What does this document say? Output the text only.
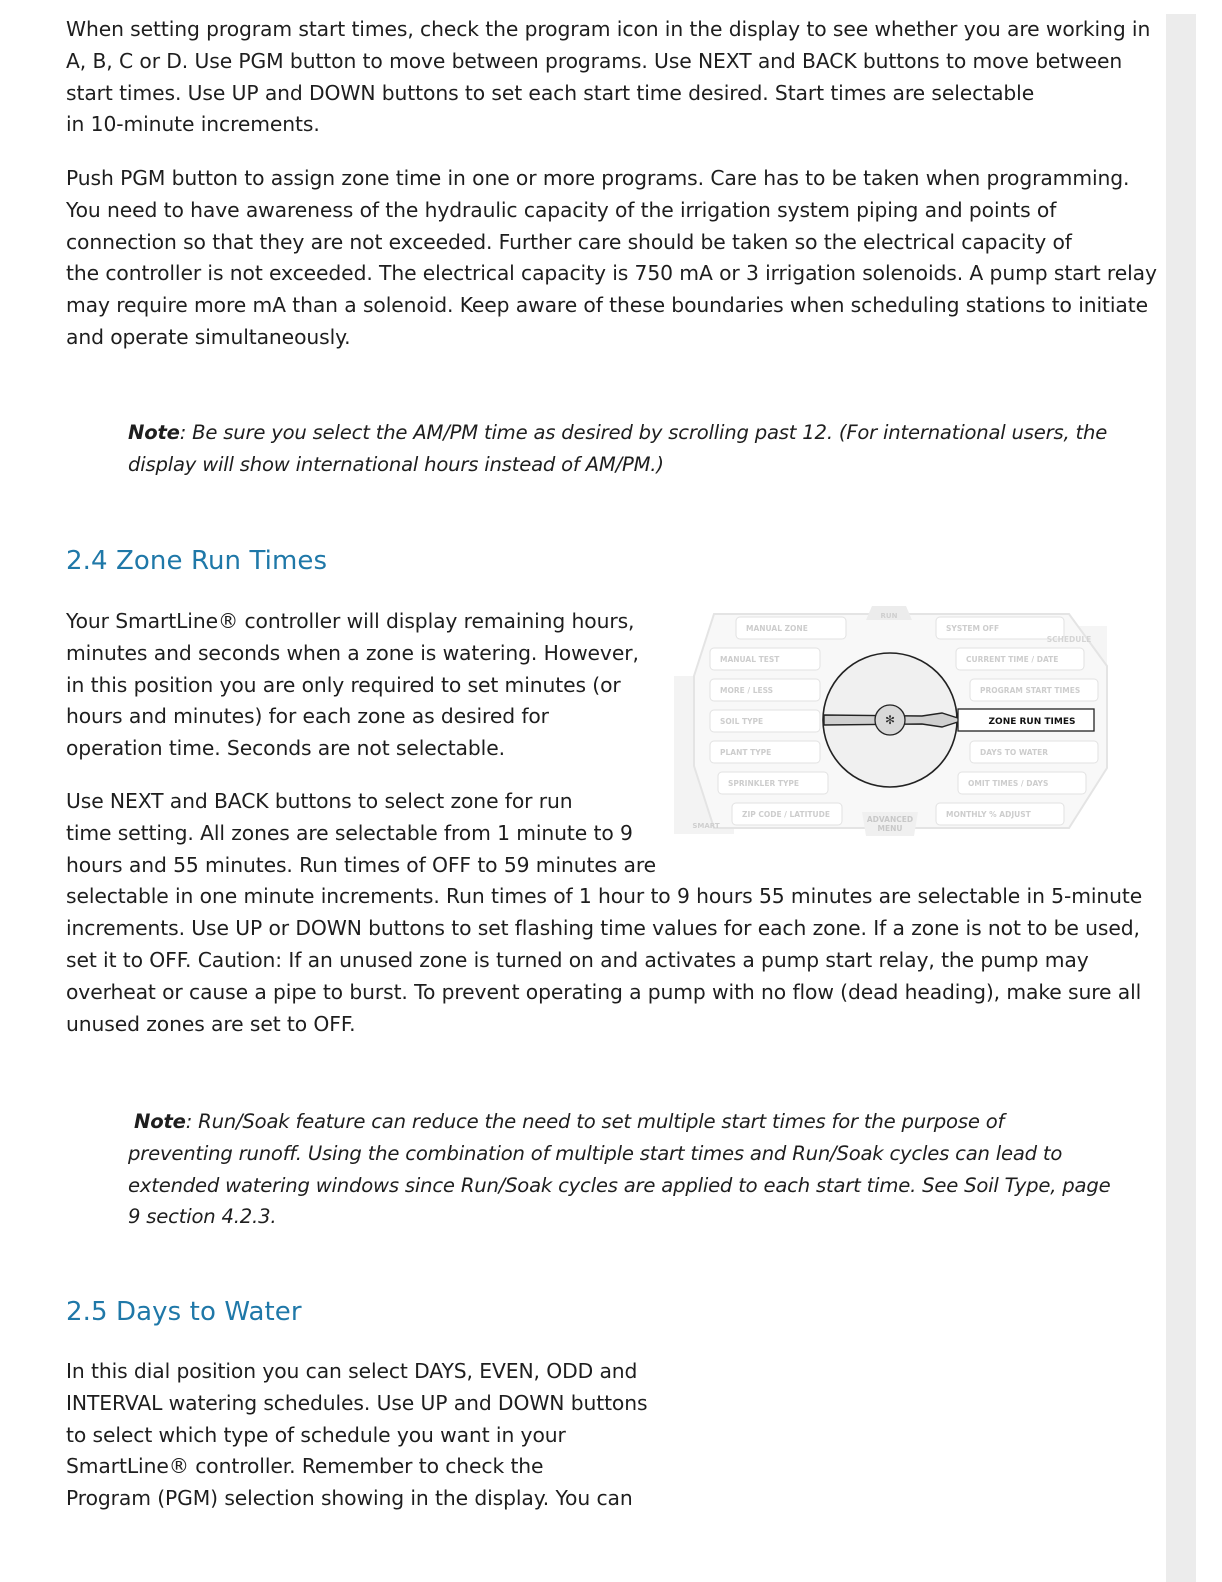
When setting program start times, check the program icon in the display to see whether you are working in
A, B, C or D. Use PGM button to move between programs. Use NEXT and BACK buttons to move between
start times. Use UP and DOWN buttons to set each start time desired. Start times are selectable
in 10-minute increments.

Push PGM button to assign zone time in one or more programs. Care has to be taken when programming.
You need to have awareness of the hydraulic capacity of the irrigation system piping and points of
connection so that they are not exceeded. Further care should be taken so the electrical capacity of
the controller is not exceeded. The electrical capacity is 750 mA or 3 irrigation solenoids. A pump start relay
may require more mA than a solenoid. Keep aware of these boundaries when scheduling stations to initiate
and operate simultaneously.

Note: Be sure you select the AM/PM time as desired by scrolling past 12. (For international users, the
display will show international hours instead of AM/PM.)

2.4 Zone Run Times

Your SmartLine® controller will display remaining hours,
minutes and seconds when a zone is watering. However,
in this position you are only required to set minutes (or
hours and minutes) for each zone as desired for
operation time. Seconds are not selectable.

Use NEXT and BACK buttons to select zone for run
time setting. All zones are selectable from 1 minute to 9
hours and 55 minutes. Run times of OFF to 59 minutes are
selectable in one minute increments. Run times of 1 hour to 9 hours 55 minutes are selectable in 5-minute
increments. Use UP or DOWN buttons to set flashing time values for each zone. If a zone is not to be used,
set it to OFF. Caution: If an unused zone is turned on and activates a pump start relay, the pump may
overheat or cause a pipe to burst. To prevent operating a pump with no flow (dead heading), make sure all
unused zones are set to OFF.

Note: Run/Soak feature can reduce the need to set multiple start times for the purpose of
preventing runoff. Using the combination of multiple start times and Run/Soak cycles can lead to
extended watering windows since Run/Soak cycles are applied to each start time. See Soil Type, page
9 section 4.2.3.

2.5 Days to Water

In this dial position you can select DAYS, EVEN, ODD and
INTERVAL watering schedules. Use UP and DOWN buttons
to select which type of schedule you want in your
SmartLine® controller. Remember to check the
Program (PGM) selection showing in the display. You can

RUN
MANUAL ZONE
MANUAL TEST
MORE / LESS
SOIL TYPE
PLANT TYPE
SPRINKLER TYPE
ZIP CODE / LATITUDE
SYSTEM OFF
CURRENT TIME / DATE
PROGRAM START TIMES
DAYS TO WATER
OMIT TIMES / DAYS
MONTHLY % ADJUST
SCHEDULE
SMART
ADVANCED
MENU
✻	ZONE RUN TIMES
